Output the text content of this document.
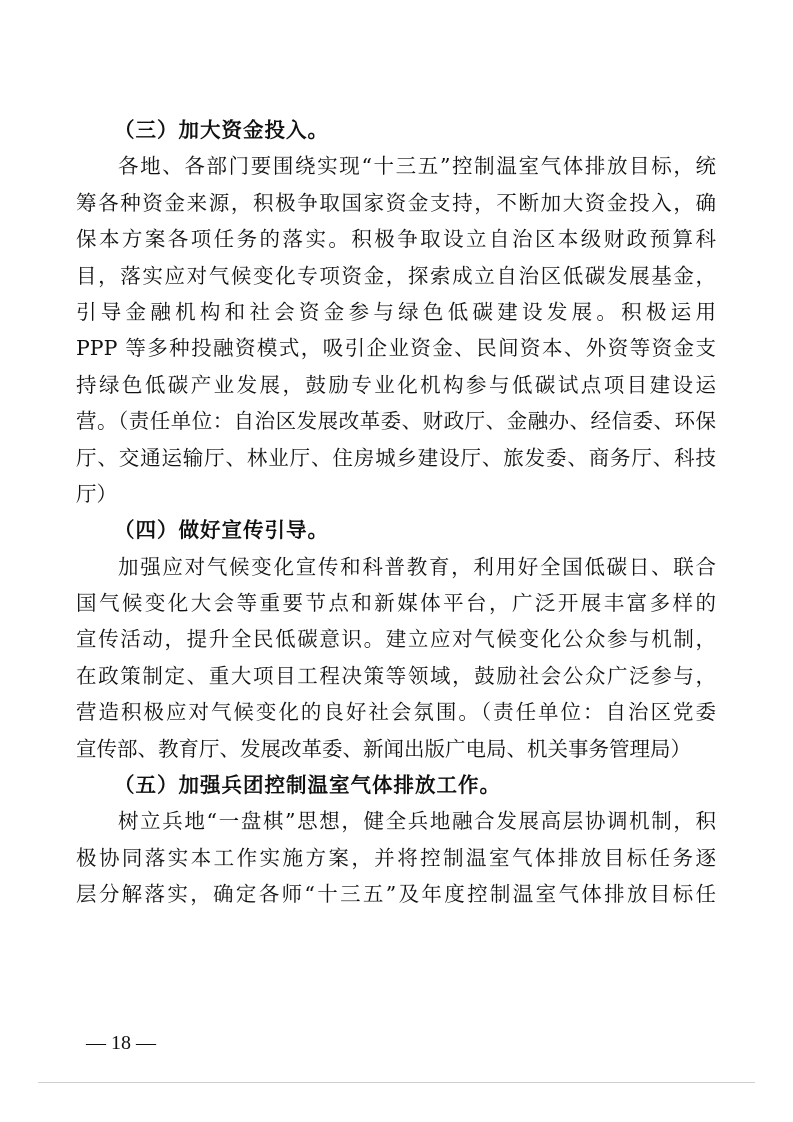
（三）加大资金投入。
各地、各部门要围绕实现“十三五”控制温室气体排放目标，统
筹各种资金来源，积极争取国家资金支持，不断加大资金投入，确
保本方案各项任务的落实。积极争取设立自治区本级财政预算科
目，落实应对气候变化专项资金，探索成立自治区低碳发展基金，
引导金融机构和社会资金参与绿色低碳建设发展。积极运用
PPP 等多种投融资模式，吸引企业资金、民间资本、外资等资金支
持绿色低碳产业发展，鼓励专业化机构参与低碳试点项目建设运
营。（责任单位：自治区发展改革委、财政厅、金融办、经信委、环保
厅、交通运输厅、林业厅、住房城乡建设厅、旅发委、商务厅、科技
厅）
（四）做好宣传引导。
加强应对气候变化宣传和科普教育，利用好全国低碳日、联合
国气候变化大会等重要节点和新媒体平台，广泛开展丰富多样的
宣传活动，提升全民低碳意识。建立应对气候变化公众参与机制，
在政策制定、重大项目工程决策等领域，鼓励社会公众广泛参与，
营造积极应对气候变化的良好社会氛围。（责任单位：自治区党委
宣传部、教育厅、发展改革委、新闻出版广电局、机关事务管理局）
（五）加强兵团控制温室气体排放工作。
树立兵地“一盘棋”思想，健全兵地融合发展高层协调机制，积
极协同落实本工作实施方案，并将控制温室气体排放目标任务逐
层分解落实，确定各师“十三五”及年度控制温室气体排放目标任
— 18 —
